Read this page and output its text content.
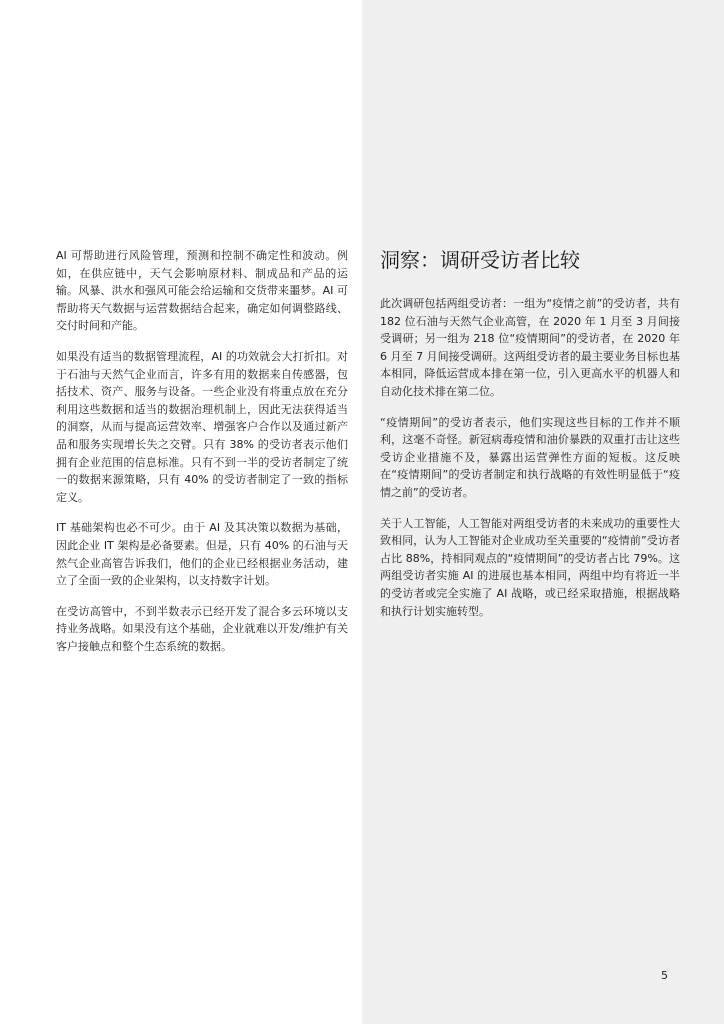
AI 可帮助进行风险管理，预测和控制不确定性和波动。例如，在供应链中，天气会影响原材料、制成品和产品的运输。风暴、洪水和强风可能会给运输和交货带来噩梦。AI 可帮助将天气数据与运营数据结合起来，确定如何调整路线、交付时间和产能。

如果没有适当的数据管理流程，AI 的功效就会大打折扣。对于石油与天然气企业而言，许多有用的数据来自传感器，包括技术、资产、服务与设备。一些企业没有将重点放在充分利用这些数据和适当的数据治理机制上，因此无法获得适当的洞察，从而与提高运营效率、增强客户合作以及通过新产品和服务实现增长失之交臂。只有 38% 的受访者表示他们拥有企业范围的信息标准。只有不到一半的受访者制定了统一的数据来源策略，只有 40% 的受访者制定了一致的指标定义。

IT 基础架构也必不可少。由于 AI 及其决策以数据为基础，因此企业 IT 架构是必备要素。但是，只有 40% 的石油与天然气企业高管告诉我们，他们的企业已经根据业务活动，建立了全面一致的企业架构，以支持数字计划。

在受访高管中，不到半数表示已经开发了混合多云环境以支持业务战略。如果没有这个基础，企业就难以开发/维护有关客户接触点和整个生态系统的数据。

洞察：调研受访者比较

此次调研包括两组受访者：一组为“疫情之前”的受访者，共有 182 位石油与天然气企业高管，在 2020 年 1 月至 3 月间接受调研；另一组为 218 位“疫情期间”的受访者，在 2020 年 6 月至 7 月间接受调研。这两组受访者的最主要业务目标也基本相同，降低运营成本排在第一位，引入更高水平的机器人和自动化技术排在第二位。

“疫情期间”的受访者表示，他们实现这些目标的工作并不顺利，这毫不奇怪。新冠病毒疫情和油价暴跌的双重打击让这些受访企业措施不及，暴露出运营弹性方面的短板。这反映在“疫情期间”的受访者制定和执行战略的有效性明显低于“疫情之前”的受访者。

关于人工智能，人工智能对两组受访者的未来成功的重要性大致相同，认为人工智能对企业成功至关重要的“疫情前”受访者占比 88%，持相同观点的“疫情期间”的受访者占比 79%。这两组受访者实施 AI 的进展也基本相同，两组中均有将近一半的受访者或完全实施了 AI 战略，或已经采取措施，根据战略和执行计划实施转型。

5
